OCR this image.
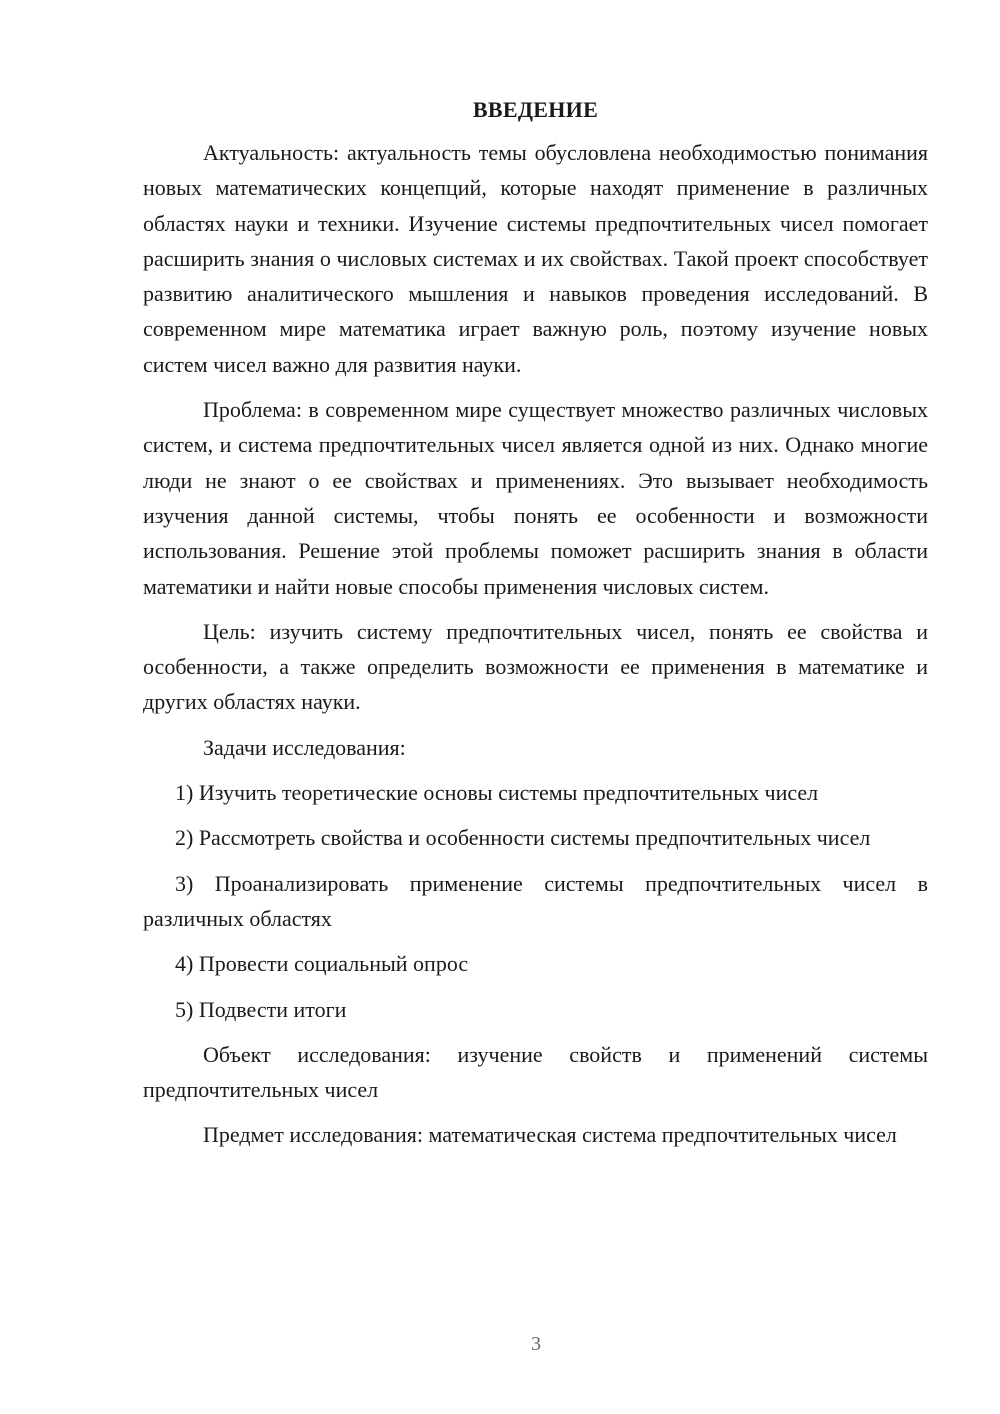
ВВЕДЕНИЕ

Актуальность: актуальность темы обусловлена необходимостью понимания новых математических концепций, которые находят применение в различных областях науки и техники. Изучение системы предпочтительных чисел помогает расширить знания о числовых системах и их свойствах. Такой проект способствует развитию аналитического мышления и навыков проведения исследований. В современном мире математика играет важную роль, поэтому изучение новых систем чисел важно для развития науки.

Проблема: в современном мире существует множество различных числовых систем, и система предпочтительных чисел является одной из них. Однако многие люди не знают о ее свойствах и применениях. Это вызывает необходимость изучения данной системы, чтобы понять ее особенности и возможности использования. Решение этой проблемы поможет расширить знания в области математики и найти новые способы применения числовых систем.

Цель: изучить систему предпочтительных чисел, понять ее свойства и особенности, а также определить возможности ее применения в математике и других областях науки.

Задачи исследования:

1) Изучить теоретические основы системы предпочтительных чисел

2) Рассмотреть свойства и особенности системы предпочтительных чисел

3) Проанализировать применение системы предпочтительных чисел в различных областях

4) Провести социальный опрос

5) Подвести итоги

Объект исследования: изучение свойств и применений системы предпочтительных чисел

Предмет исследования: математическая система предпочтительных чисел

3
